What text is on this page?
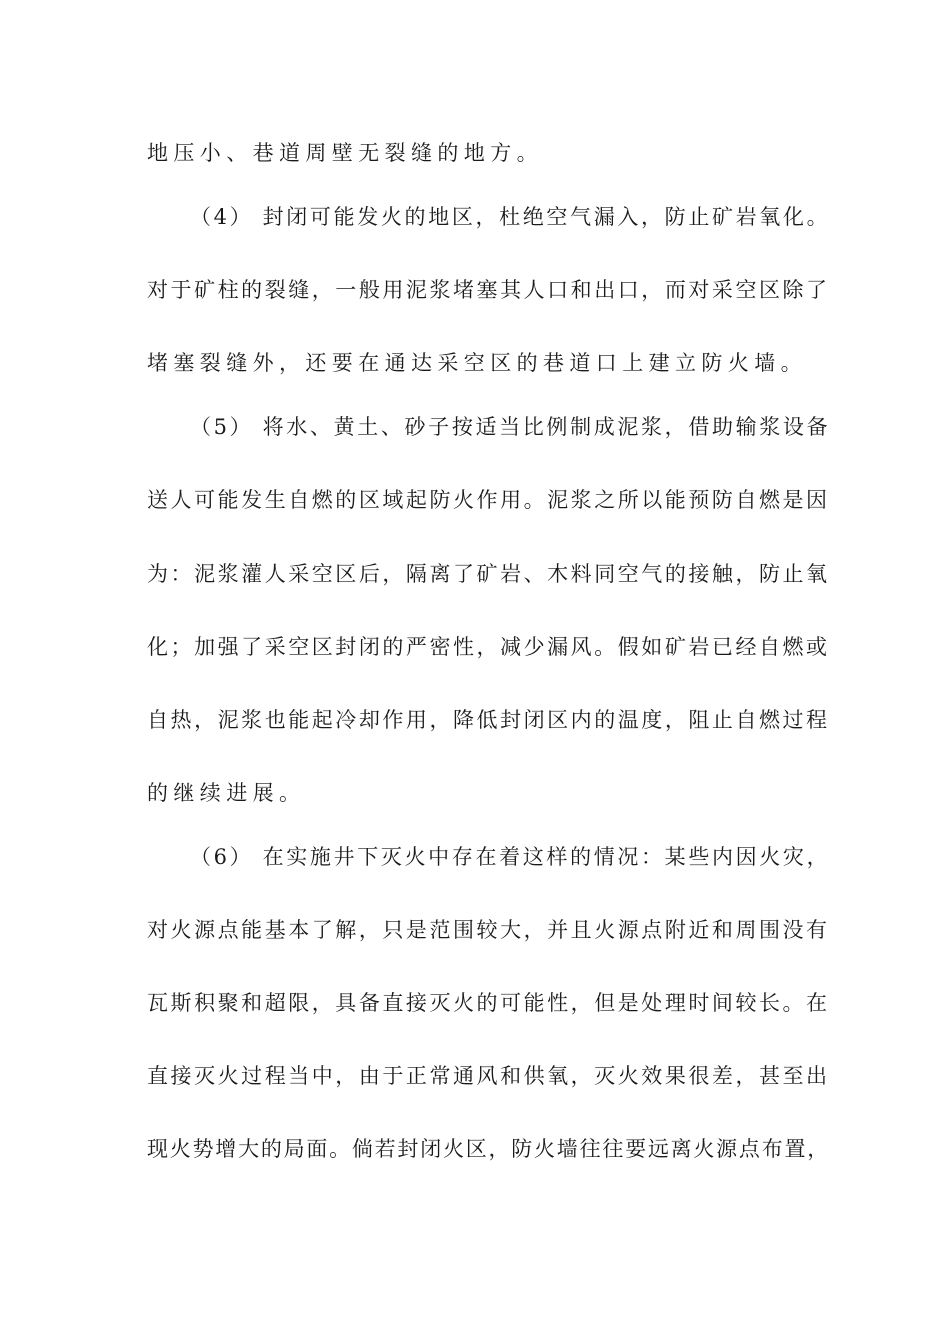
地压小、巷道周壁无裂缝的地方。
（4） 封闭可能发火的地区，杜绝空气漏入，防止矿岩氧化。
对于矿柱的裂缝，一般用泥浆堵塞其人口和出口，而对采空区除了
堵塞裂缝外，还要在通达采空区的巷道口上建立防火墙。
（5） 将水、黄土、砂子按适当比例制成泥浆，借助输浆设备
送人可能发生自燃的区域起防火作用。泥浆之所以能预防自燃是因
为：泥浆灌人采空区后，隔离了矿岩、木料同空气的接触，防止氧
化；加强了采空区封闭的严密性，减少漏风。假如矿岩已经自燃或
自热，泥浆也能起冷却作用，降低封闭区内的温度，阻止自燃过程
的继续进展。
（6） 在实施井下灭火中存在着这样的情况：某些内因火灾，
对火源点能基本了解，只是范围较大，并且火源点附近和周围没有
瓦斯积聚和超限，具备直接灭火的可能性，但是处理时间较长。在
直接灭火过程当中，由于正常通风和供氧，灭火效果很差，甚至出
现火势增大的局面。倘若封闭火区，防火墙往往要远离火源点布置，
